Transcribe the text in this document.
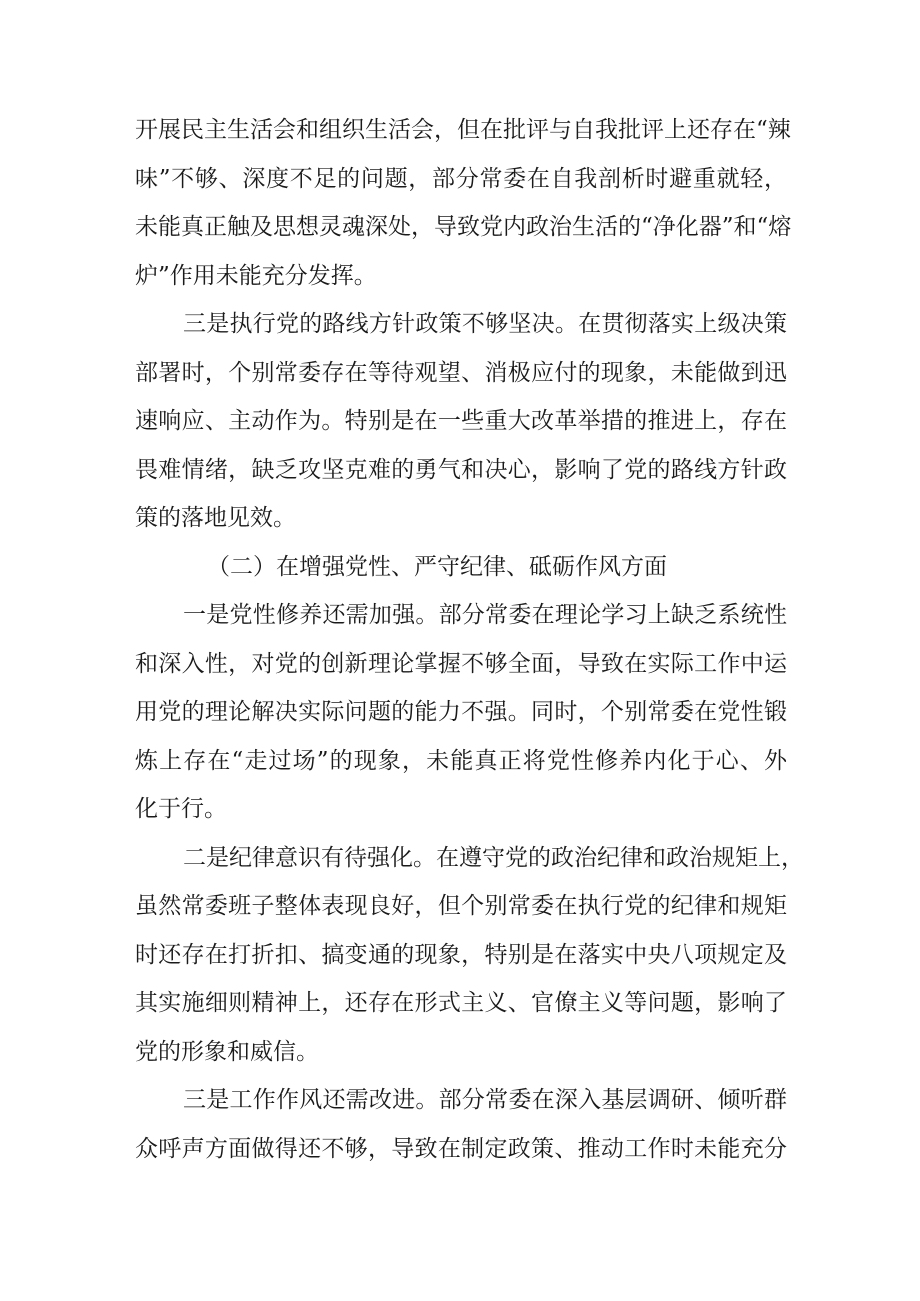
开展民主生活会和组织生活会，但在批评与自我批评上还存在“辣
味”不够、深度不足的问题，部分常委在自我剖析时避重就轻，
未能真正触及思想灵魂深处，导致党内政治生活的“净化器”和“熔
炉”作用未能充分发挥。
三是执行党的路线方针政策不够坚决。在贯彻落实上级决策
部署时，个别常委存在等待观望、消极应付的现象，未能做到迅
速响应、主动作为。特别是在一些重大改革举措的推进上，存在
畏难情绪，缺乏攻坚克难的勇气和决心，影响了党的路线方针政
策的落地见效。
（二）在增强党性、严守纪律、砥砺作风方面
一是党性修养还需加强。部分常委在理论学习上缺乏系统性
和深入性，对党的创新理论掌握不够全面，导致在实际工作中运
用党的理论解决实际问题的能力不强。同时，个别常委在党性锻
炼上存在“走过场”的现象，未能真正将党性修养内化于心、外
化于行。
二是纪律意识有待强化。在遵守党的政治纪律和政治规矩上，
虽然常委班子整体表现良好，但个别常委在执行党的纪律和规矩
时还存在打折扣、搞变通的现象，特别是在落实中央八项规定及
其实施细则精神上，还存在形式主义、官僚主义等问题，影响了
党的形象和威信。
三是工作作风还需改进。部分常委在深入基层调研、倾听群
众呼声方面做得还不够，导致在制定政策、推动工作时未能充分
